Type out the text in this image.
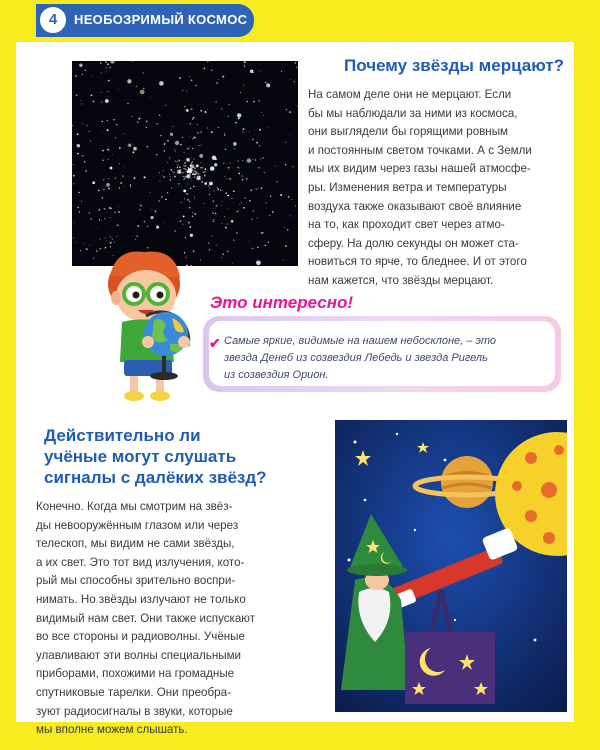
4	НЕОБОЗРИМЫЙ КОСМОС
Почему звёзды мерцают?
На самом деле они не мерцают. Если
бы мы наблюдали за ними из космоса,
они выглядели бы горящими ровным
и постоянным светом точками. А с Земли
мы их видим через газы нашей атмосфе-
ры. Изменения ветра и температуры
воздуха также оказывают своё влияние
на то, как проходит свет через атмо-
сферу. На долю секунды он может ста-
новиться то ярче, то бледнее. И от этого
нам кажется, что звёзды мерцают.
Это интересно!
✔ Самые яркие, видимые на нашем небосклоне, – это
звезда Денеб из созвездия Лебедь и звезда Ригель
из созвездия Орион.
Действительно ли
учёные могут слушать
сигналы с далёких звёзд?
Конечно. Когда мы смотрим на звёз-
ды невооружённым глазом или через
телескоп, мы видим не сами звёзды,
а их свет. Это тот вид излучения, кото-
рый мы способны зрительно воспри-
нимать. Но звёзды излучают не только
видимый нам свет. Они также испускают
во все стороны и радиоволны. Учёные
улавливают эти волны специальными
приборами, похожими на громадные
спутниковые тарелки. Они преобра-
зуют радиосигналы в звуки, которые
мы вполне можем слышать.
